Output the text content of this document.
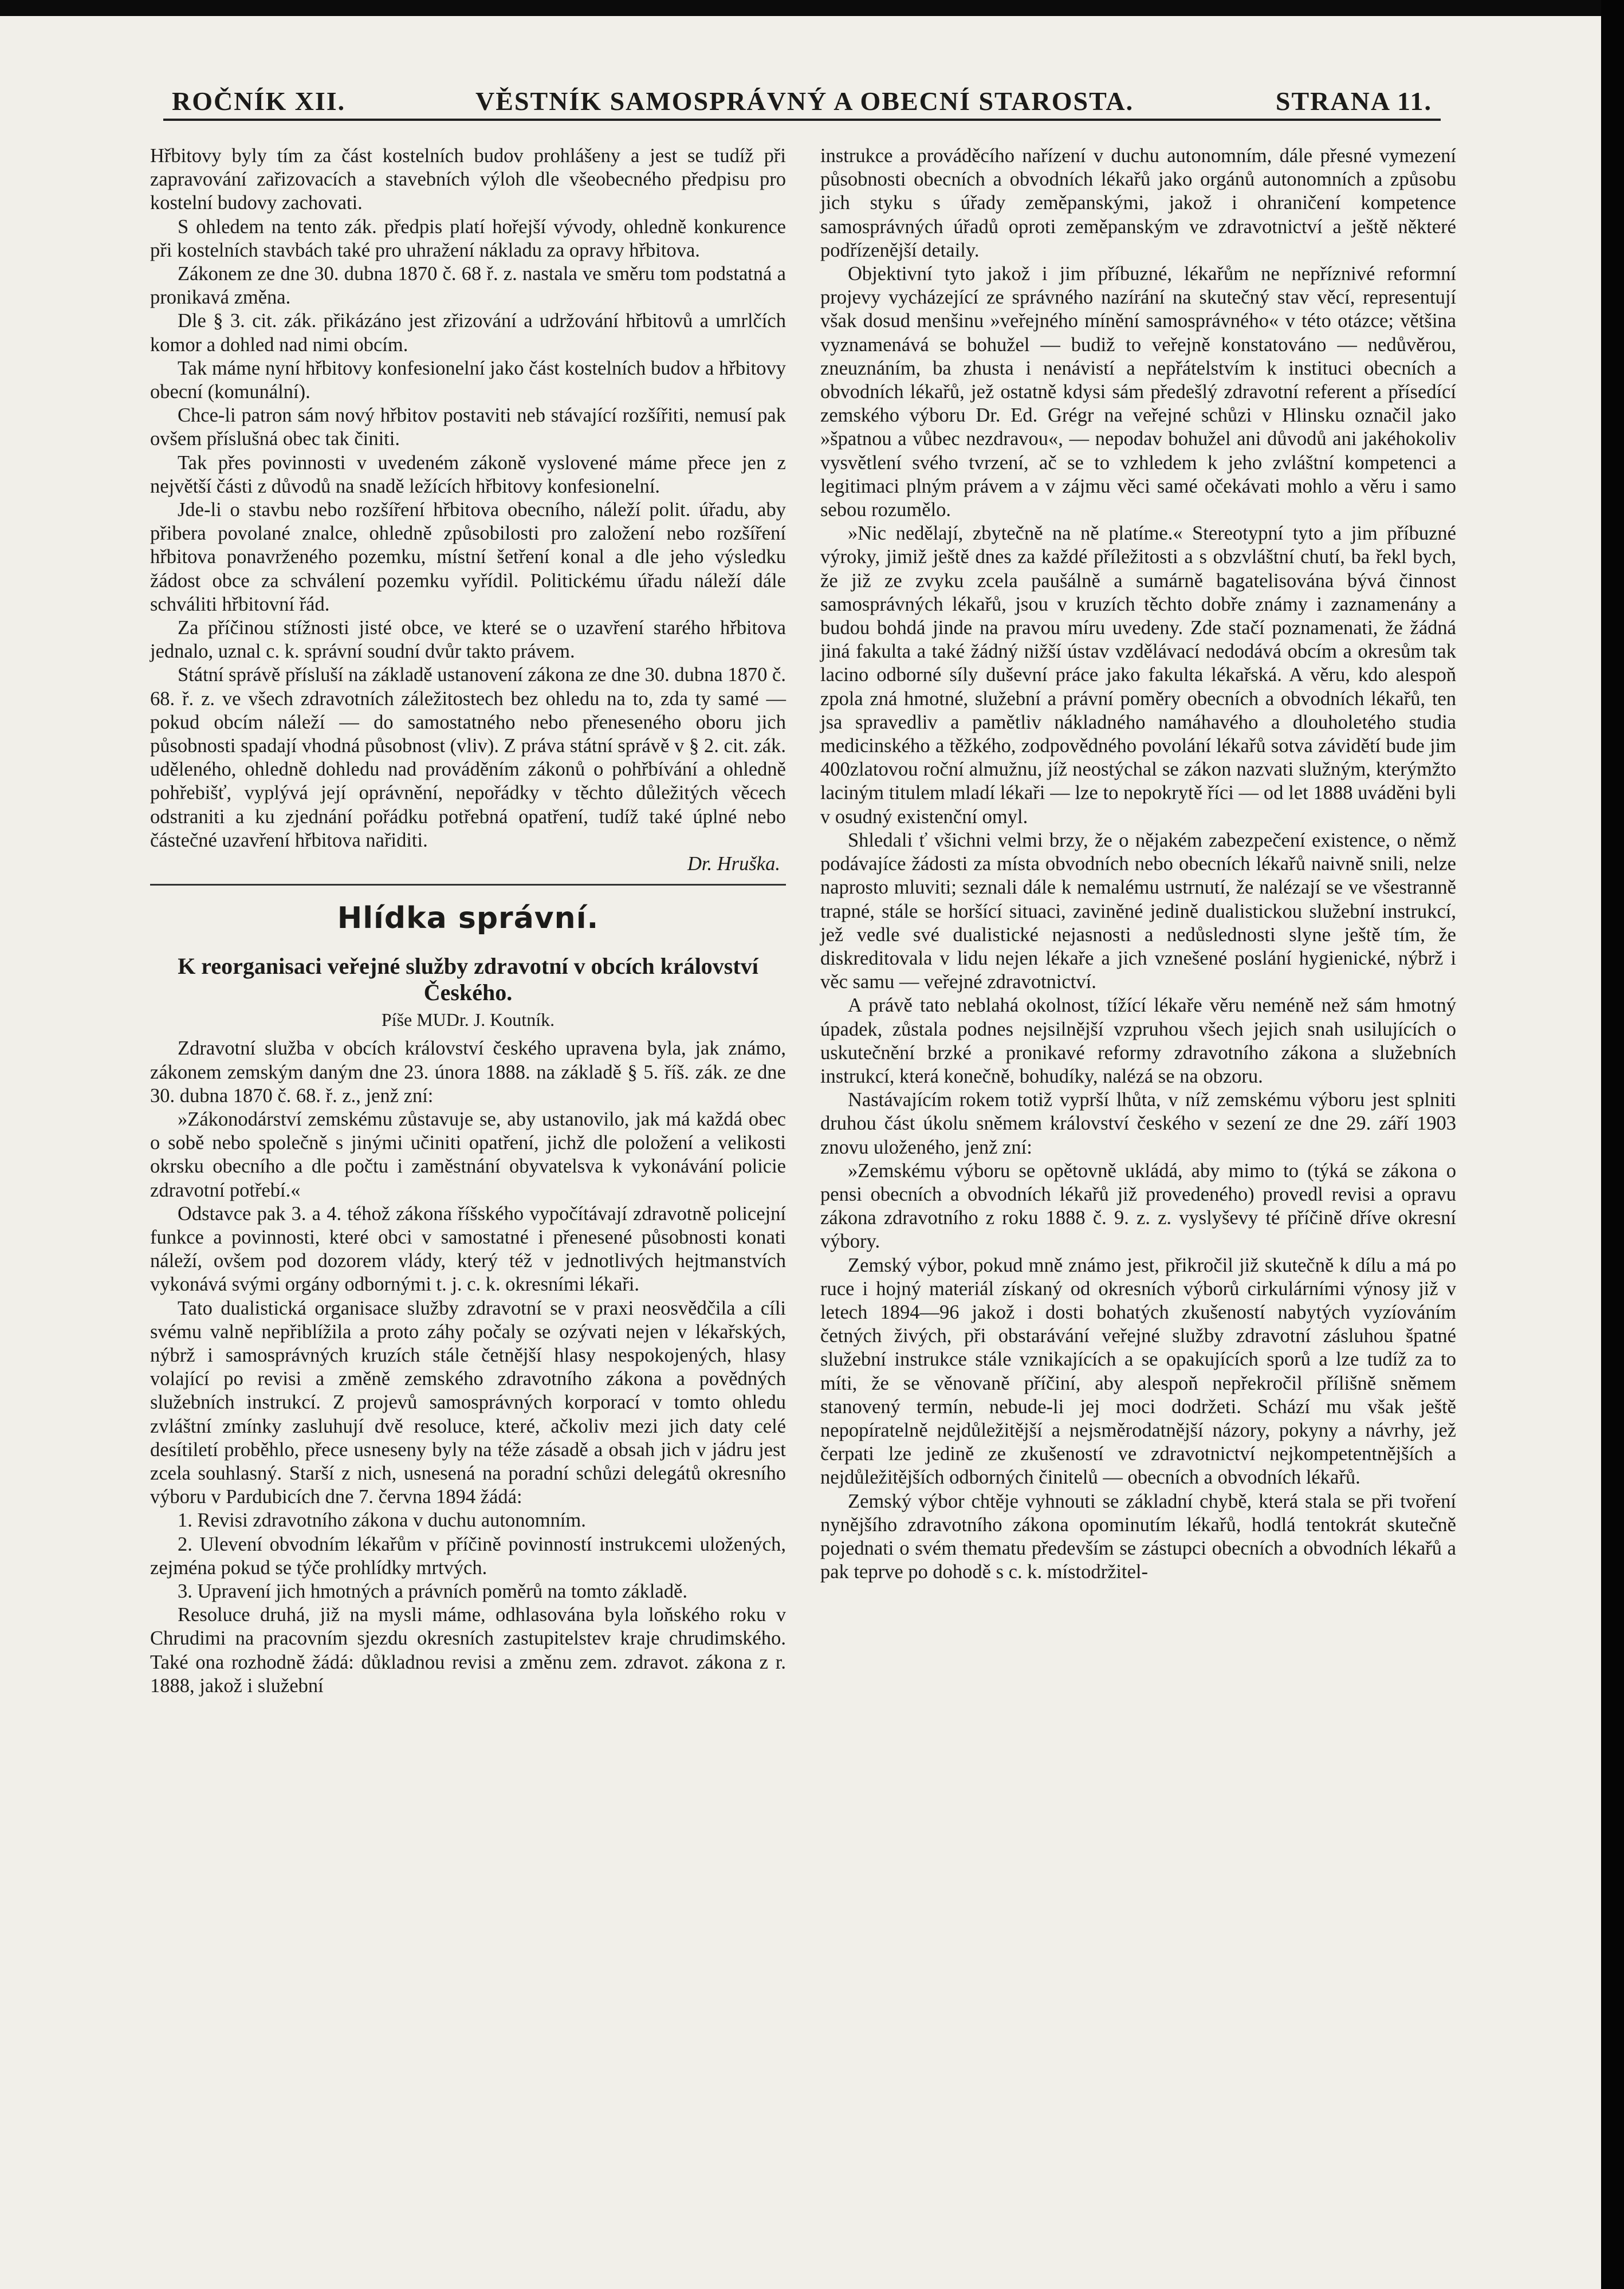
ROČNÍK XII.	VĚSTNÍK SAMOSPRÁVNÝ A OBECNÍ STAROSTA.	STRANA 11.

Hřbitovy byly tím za část kostelních budov prohlášeny a jest se tudíž při zapravování zařizovacích a stavebních výloh dle všeobecného předpisu pro kostelní budovy zachovati.

S ohledem na tento zák. předpis platí hořejší vývody, ohledně konkurence při kostelních stavbách také pro uhražení nákladu za opravy hřbitova.

Zákonem ze dne 30. dubna 1870 č. 68 ř. z. nastala ve směru tom podstatná a pronikavá změna.

Dle § 3. cit. zák. přikázáno jest zřizování a udržování hřbitovů a umrlčích komor a dohled nad nimi obcím.

Tak máme nyní hřbitovy konfesionelní jako část kostelních budov a hřbitovy obecní (komunální).

Chce-li patron sám nový hřbitov postaviti neb stávající rozšířiti, nemusí pak ovšem příslušná obec tak činiti.

Tak přes povinnosti v uvedeném zákoně vyslovené máme přece jen z největší části z důvodů na snadě ležících hřbitovy konfesionelní.

Jde-li o stavbu nebo rozšíření hřbitova obecního, náleží polit. úřadu, aby přibera povolané znalce, ohledně způsobilosti pro založení nebo rozšíření hřbitova ponavrženého pozemku, místní šetření konal a dle jeho výsledku žádost obce za schválení pozemku vyřídil. Politickému úřadu náleží dále schváliti hřbitovní řád.

Za příčinou stížnosti jisté obce, ve které se o uzavření starého hřbitova jednalo, uznal c. k. správní soudní dvůr takto právem.

Státní správě přísluší na základě ustanovení zákona ze dne 30. dubna 1870 č. 68. ř. z. ve všech zdravotních záležitostech bez ohledu na to, zda ty samé — pokud obcím náleží — do samostatného nebo přeneseného oboru jich působnosti spadají vhodná působnost (vliv). Z práva státní správě v § 2. cit. zák. uděleného, ohledně dohledu nad prováděním zákonů o pohřbívání a ohledně pohřebišť, vyplývá její oprávnění, nepořádky v těchto důležitých věcech odstraniti a ku zjednání pořádku potřebná opatření, tudíž také úplné nebo částečné uzavření hřbitova nařiditi.

Dr. Hruška.
Hlídka správní.
K reorganisaci veřejné služby zdravotní v obcích království Českého.
Píše MUDr. J. Koutník.

Zdravotní služba v obcích království českého upravena byla, jak známo, zákonem zemským daným dne 23. února 1888. na základě § 5. říš. zák. ze dne 30. dubna 1870 č. 68. ř. z., jenž zní:

»Zákonodárství zemskému zůstavuje se, aby ustanovilo, jak má každá obec o sobě nebo společně s jinými učiniti opatření, jichž dle položení a velikosti okrsku obecního a dle počtu i zaměstnání obyvatelsva k vykonávání policie zdravotní potřebí.«

Odstavce pak 3. a 4. téhož zákona říšského vypočítávají zdravotně policejní funkce a povinnosti, které obci v samostatné i přenesené působnosti konati náleží, ovšem pod dozorem vlády, který též v jednotlivých hejtmanstvích vykonává svými orgány odbornými t. j. c. k. okresními lékaři.

Tato dualistická organisace služby zdravotní se v praxi neosvědčila a cíli svému valně nepřiblížila a proto záhy počaly se ozývati nejen v lékařských, nýbrž i samosprávných kruzích stále četnější hlasy nespokojených, hlasy volající po revisi a změně zemského zdravotního zákona a povědných služebních instrukcí. Z projevů samosprávných korporací v tomto ohledu zvláštní zmínky zasluhují dvě resoluce, které, ačkoliv mezi jich daty celé desítiletí proběhlo, přece usneseny byly na téže zásadě a obsah jich v jádru jest zcela souhlasný. Starší z nich, usnesená na poradní schůzi delegátů okresního výboru v Pardubicích dne 7. června 1894 žádá:

1. Revisi zdravotního zákona v duchu autonomním.

2. Ulevení obvodním lékařům v příčině povinností instrukcemi uložených, zejména pokud se týče prohlídky mrtvých.

3. Upravení jich hmotných a právních poměrů na tomto základě.

Resoluce druhá, již na mysli máme, odhlasována byla loňského roku v Chrudimi na pracovním sjezdu okresních zastupitelstev kraje chrudimského. Také ona rozhodně žádá: důkladnou revisi a změnu zem. zdravot. zákona z r. 1888, jakož i služební

instrukce a prováděcího nařízení v duchu autonomním, dále přesné vymezení působnosti obecních a obvodních lékařů jako orgánů autonomních a způsobu jich styku s úřady zeměpanskými, jakož i ohraničení kompetence samosprávných úřadů oproti zeměpanským ve zdravotnictví a ještě některé podřízenější detaily.

Objektivní tyto jakož i jim příbuzné, lékařům ne nepříznivé reformní projevy vycházející ze správného nazírání na skutečný stav věcí, representují však dosud menšinu »veřejného mínění samosprávného« v této otázce; většina vyznamenává se bohužel — budiž to veřejně konstatováno — nedůvěrou, zneuznáním, ba zhusta i nenávistí a nepřátelstvím k instituci obecních a obvodních lékařů, jež ostatně kdysi sám předešlý zdravotní referent a přísedící zemského výboru Dr. Ed. Grégr na veřejné schůzi v Hlinsku označil jako »špatnou a vůbec nezdravou«, — nepodav bohužel ani důvodů ani jakéhokoliv vysvětlení svého tvrzení, ač se to vzhledem k jeho zvláštní kompetenci a legitimaci plným právem a v zájmu věci samé očekávati mohlo a věru i samo sebou rozumělo.

»Nic nedělají, zbytečně na ně platíme.« Stereotypní tyto a jim příbuzné výroky, jimiž ještě dnes za každé příležitosti a s obzvláštní chutí, ba řekl bych, že již ze zvyku zcela paušálně a sumárně bagatelisována bývá činnost samosprávných lékařů, jsou v kruzích těchto dobře známy i zaznamenány a budou bohdá jinde na pravou míru uvedeny. Zde stačí poznamenati, že žádná jiná fakulta a také žádný nižší ústav vzdělávací nedodává obcím a okresům tak lacino odborné síly duševní práce jako fakulta lékařská. A věru, kdo alespoň zpola zná hmotné, služební a právní poměry obecních a obvodních lékařů, ten jsa spravedliv a pamětliv nákladného namáhavého a dlouholetého studia medicinského a těžkého, zodpovědného povolání lékařů sotva závidětí bude jim 400zlatovou roční almužnu, jíž neostýchal se zákon nazvati služným, kterýmžto laciným titulem mladí lékaři — lze to nepokrytě říci — od let 1888 uváděni byli v osudný existenční omyl.

Shledali ť všichni velmi brzy, že o nějakém zabezpečení existence, o němž podávajíce žádosti za místa obvodních nebo obecních lékařů naivně snili, nelze naprosto mluviti; seznali dále k nemalému ustrnutí, že nalézají se ve všestranně trapné, stále se horšící situaci, zaviněné jedině dualistickou služební instrukcí, jež vedle své dualistické nejasnosti a nedůslednosti slyne ještě tím, že diskreditovala v lidu nejen lékaře a jich vznešené poslání hygienické, nýbrž i věc samu — veřejné zdravotnictví.

A právě tato neblahá okolnost, tížící lékaře věru neméně než sám hmotný úpadek, zůstala podnes nejsilnější vzpruhou všech jejich snah usilujících o uskutečnění brzké a pronikavé reformy zdravotního zákona a služebních instrukcí, která konečně, bohudíky, nalézá se na obzoru.

Nastávajícím rokem totiž vyprší lhůta, v níž zemskému výboru jest splniti druhou část úkolu sněmem království českého v sezení ze dne 29. září 1903 znovu uloženého, jenž zní:

»Zemskému výboru se opětovně ukládá, aby mimo to (týká se zákona o pensi obecních a obvodních lékařů již provedeného) provedl revisi a opravu zákona zdravotního z roku 1888 č. 9. z. z. vyslyševy té příčině dříve okresní výbory.

Zemský výbor, pokud mně známo jest, přikročil již skutečně k dílu a má po ruce i hojný materiál získaný od okresních výborů cirkulárními výnosy již v letech 1894—96 jakož i dosti bohatých zkušeností nabytých vyzíováním četných živých, při obstarávání veřejné služby zdravotní zásluhou špatné služební instrukce stále vznikajících a se opakujících sporů a lze tudíž za to míti, že se věnovaně příčiní, aby alespoň nepřekročil přílišně sněmem stanovený termín, nebude-li jej moci dodržeti. Schází mu však ještě nepopíratelně nejdůležitější a nejsměrodatnější názory, pokyny a návrhy, jež čerpati lze jedině ze zkušeností ve zdravotnictví nejkompetentnějších a nejdůležitějších odborných činitelů — obecních a obvodních lékařů.

Zemský výbor chtěje vyhnouti se základní chybě, která stala se při tvoření nynějšího zdravotního zákona opominutím lékařů, hodlá tentokrát skutečně pojednati o svém thematu především se zástupci obecních a obvodních lékařů a pak teprve po dohodě s c. k. místodržitel-
